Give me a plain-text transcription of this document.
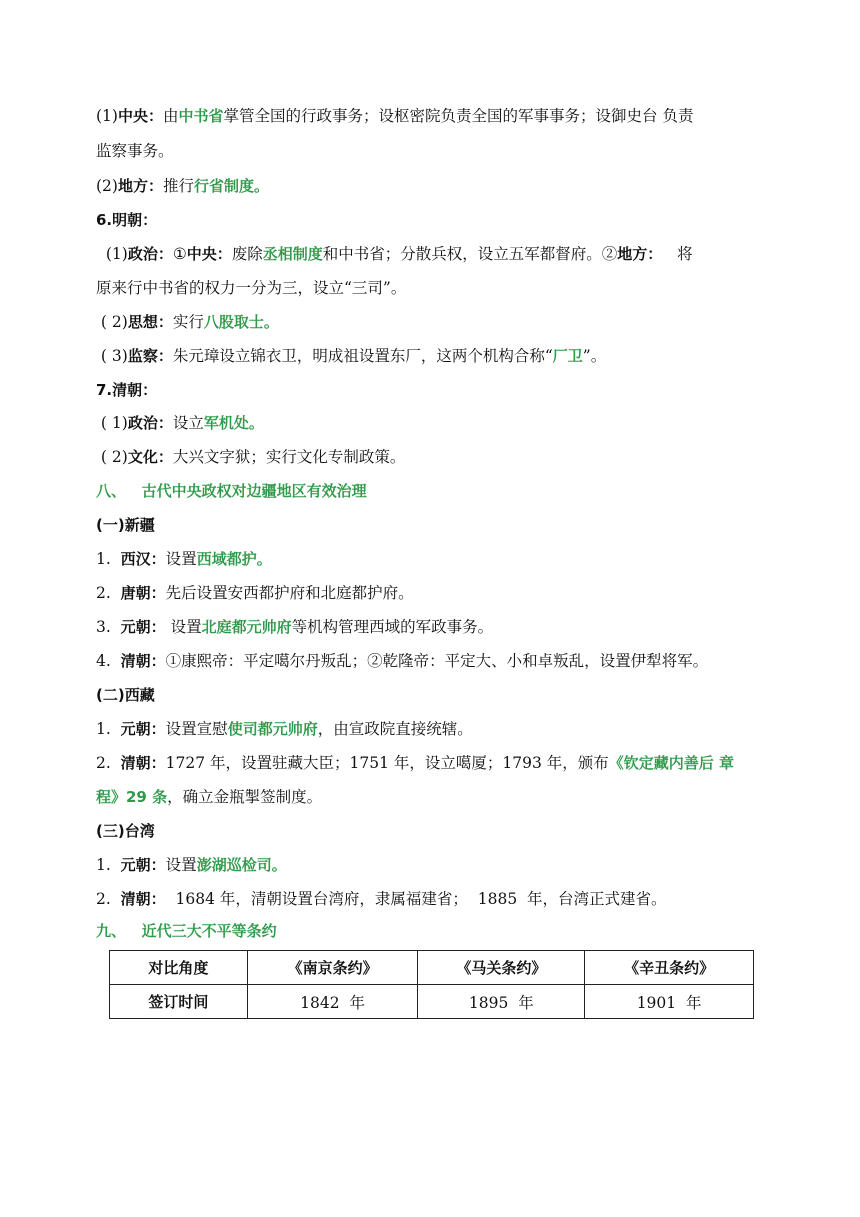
(1)中央：由中书省掌管全国的行政事务；设枢密院负责全国的军事事务；设御史台 负责
监察事务。
(2)地方：推行行省制度。
6.明朝：
(1)政治：①中央：废除丞相制度和中书省；分散兵权，设立五军都督府。②地方：   将
原来行中书省的权力一分为三，设立“三司”。
( 2)思想：实行八股取士。
( 3)监察：朱元璋设立锦衣卫，明成祖设置东厂，这两个机构合称“厂卫”。
7.清朝：
( 1)政治：设立军机处。
( 2)文化：大兴文字狱；实行文化专制政策。
八、   古代中央政权对边疆地区有效治理
(一)新疆
1.  西汉：设置西域都护。
2.  唐朝：先后设置安西都护府和北庭都护府。
3.  元朝： 设置北庭都元帅府等机构管理西域的军政事务。
4.  清朝：①康熙帝：平定噶尔丹叛乱；②乾隆帝：平定大、小和卓叛乱，设置伊犁将军。
(二)西藏
1.  元朝：设置宣慰使司都元帅府，由宣政院直接统辖。
2.  清朝：1727 年，设置驻藏大臣；1751 年，设立噶厦；1793 年，颁布《钦定藏内善后 章
程》29 条，确立金瓶掣签制度。
(三)台湾
1.  元朝：设置澎湖巡检司。
2.  清朝：  1684 年，清朝设置台湾府，隶属福建省；  1885  年，台湾正式建省。
九、   近代三大不平等条约
对比角度	《南京条约》	《马关条约》	《辛丑条约》
签订时间	1842  年	1895  年	1901  年
